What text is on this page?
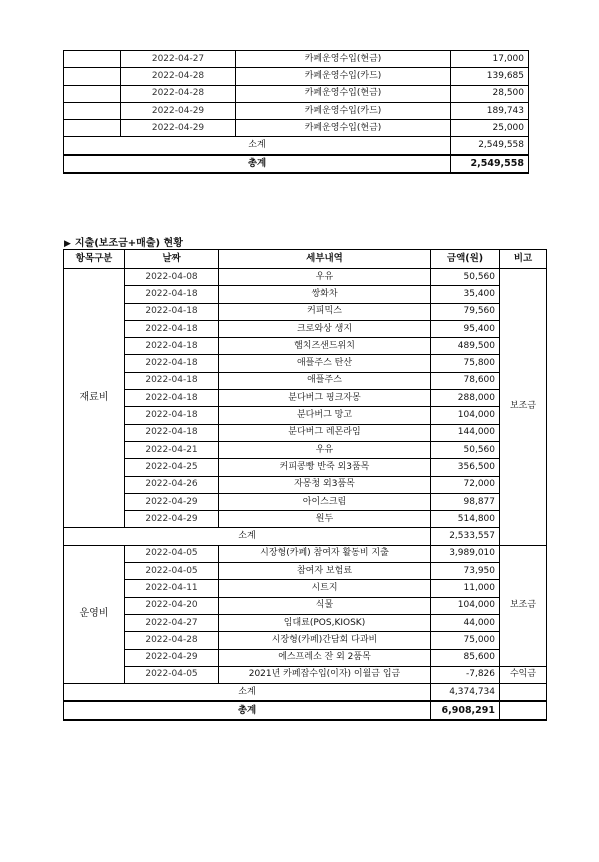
	2022-04-27	카페운영수입(현금)	17,000
	2022-04-28	카페운영수입(카드)	139,685
	2022-04-28	카페운영수입(현금)	28,500
	2022-04-29	카페운영수입(카드)	189,743
	2022-04-29	카페운영수입(현금)	25,000
소계			2,549,558
총계			2,549,558
▶ 지출(보조금+매출) 현황
항목구분	날짜	세부내역	금액(원)	비고
재료비	2022-04-08	우유	50,560	보조금
	2022-04-18	쌍화차	35,400	
	2022-04-18	커피믹스	79,560	
	2022-04-18	크로와상 생지	95,400	
	2022-04-18	햄치즈샌드위치	489,500	
	2022-04-18	애플주스 탄산	75,800	
	2022-04-18	애플주스	78,600	
	2022-04-18	분다버그 핑크자몽	288,000	
	2022-04-18	분다버그 망고	104,000	
	2022-04-18	분다버그 레몬라임	144,000	
	2022-04-21	우유	50,560	
	2022-04-25	커피콩빵 반죽 외3품목	356,500	
	2022-04-26	자몽청 외3품목	72,000	
	2022-04-29	아이스크림	98,877	
	2022-04-29	원두	514,800	
소계			2,533,557	
운영비	2022-04-05	시장형(카페) 참여자 활동비 지출	3,989,010	보조금
	2022-04-05	참여자 보험료	73,950	
	2022-04-11	시트지	11,000	
	2022-04-20	식물	104,000	
	2022-04-27	임대료(POS,KIOSK)	44,000	
	2022-04-28	시장형(카페)간담회 다과비	75,000	
	2022-04-29	에스프레소 잔 외 2품목	85,600	
	2022-04-05	2021년 카페잡수입(이자) 이월금 입금	-7,826	수익금
소계			4,374,734	
총계			6,908,291	
